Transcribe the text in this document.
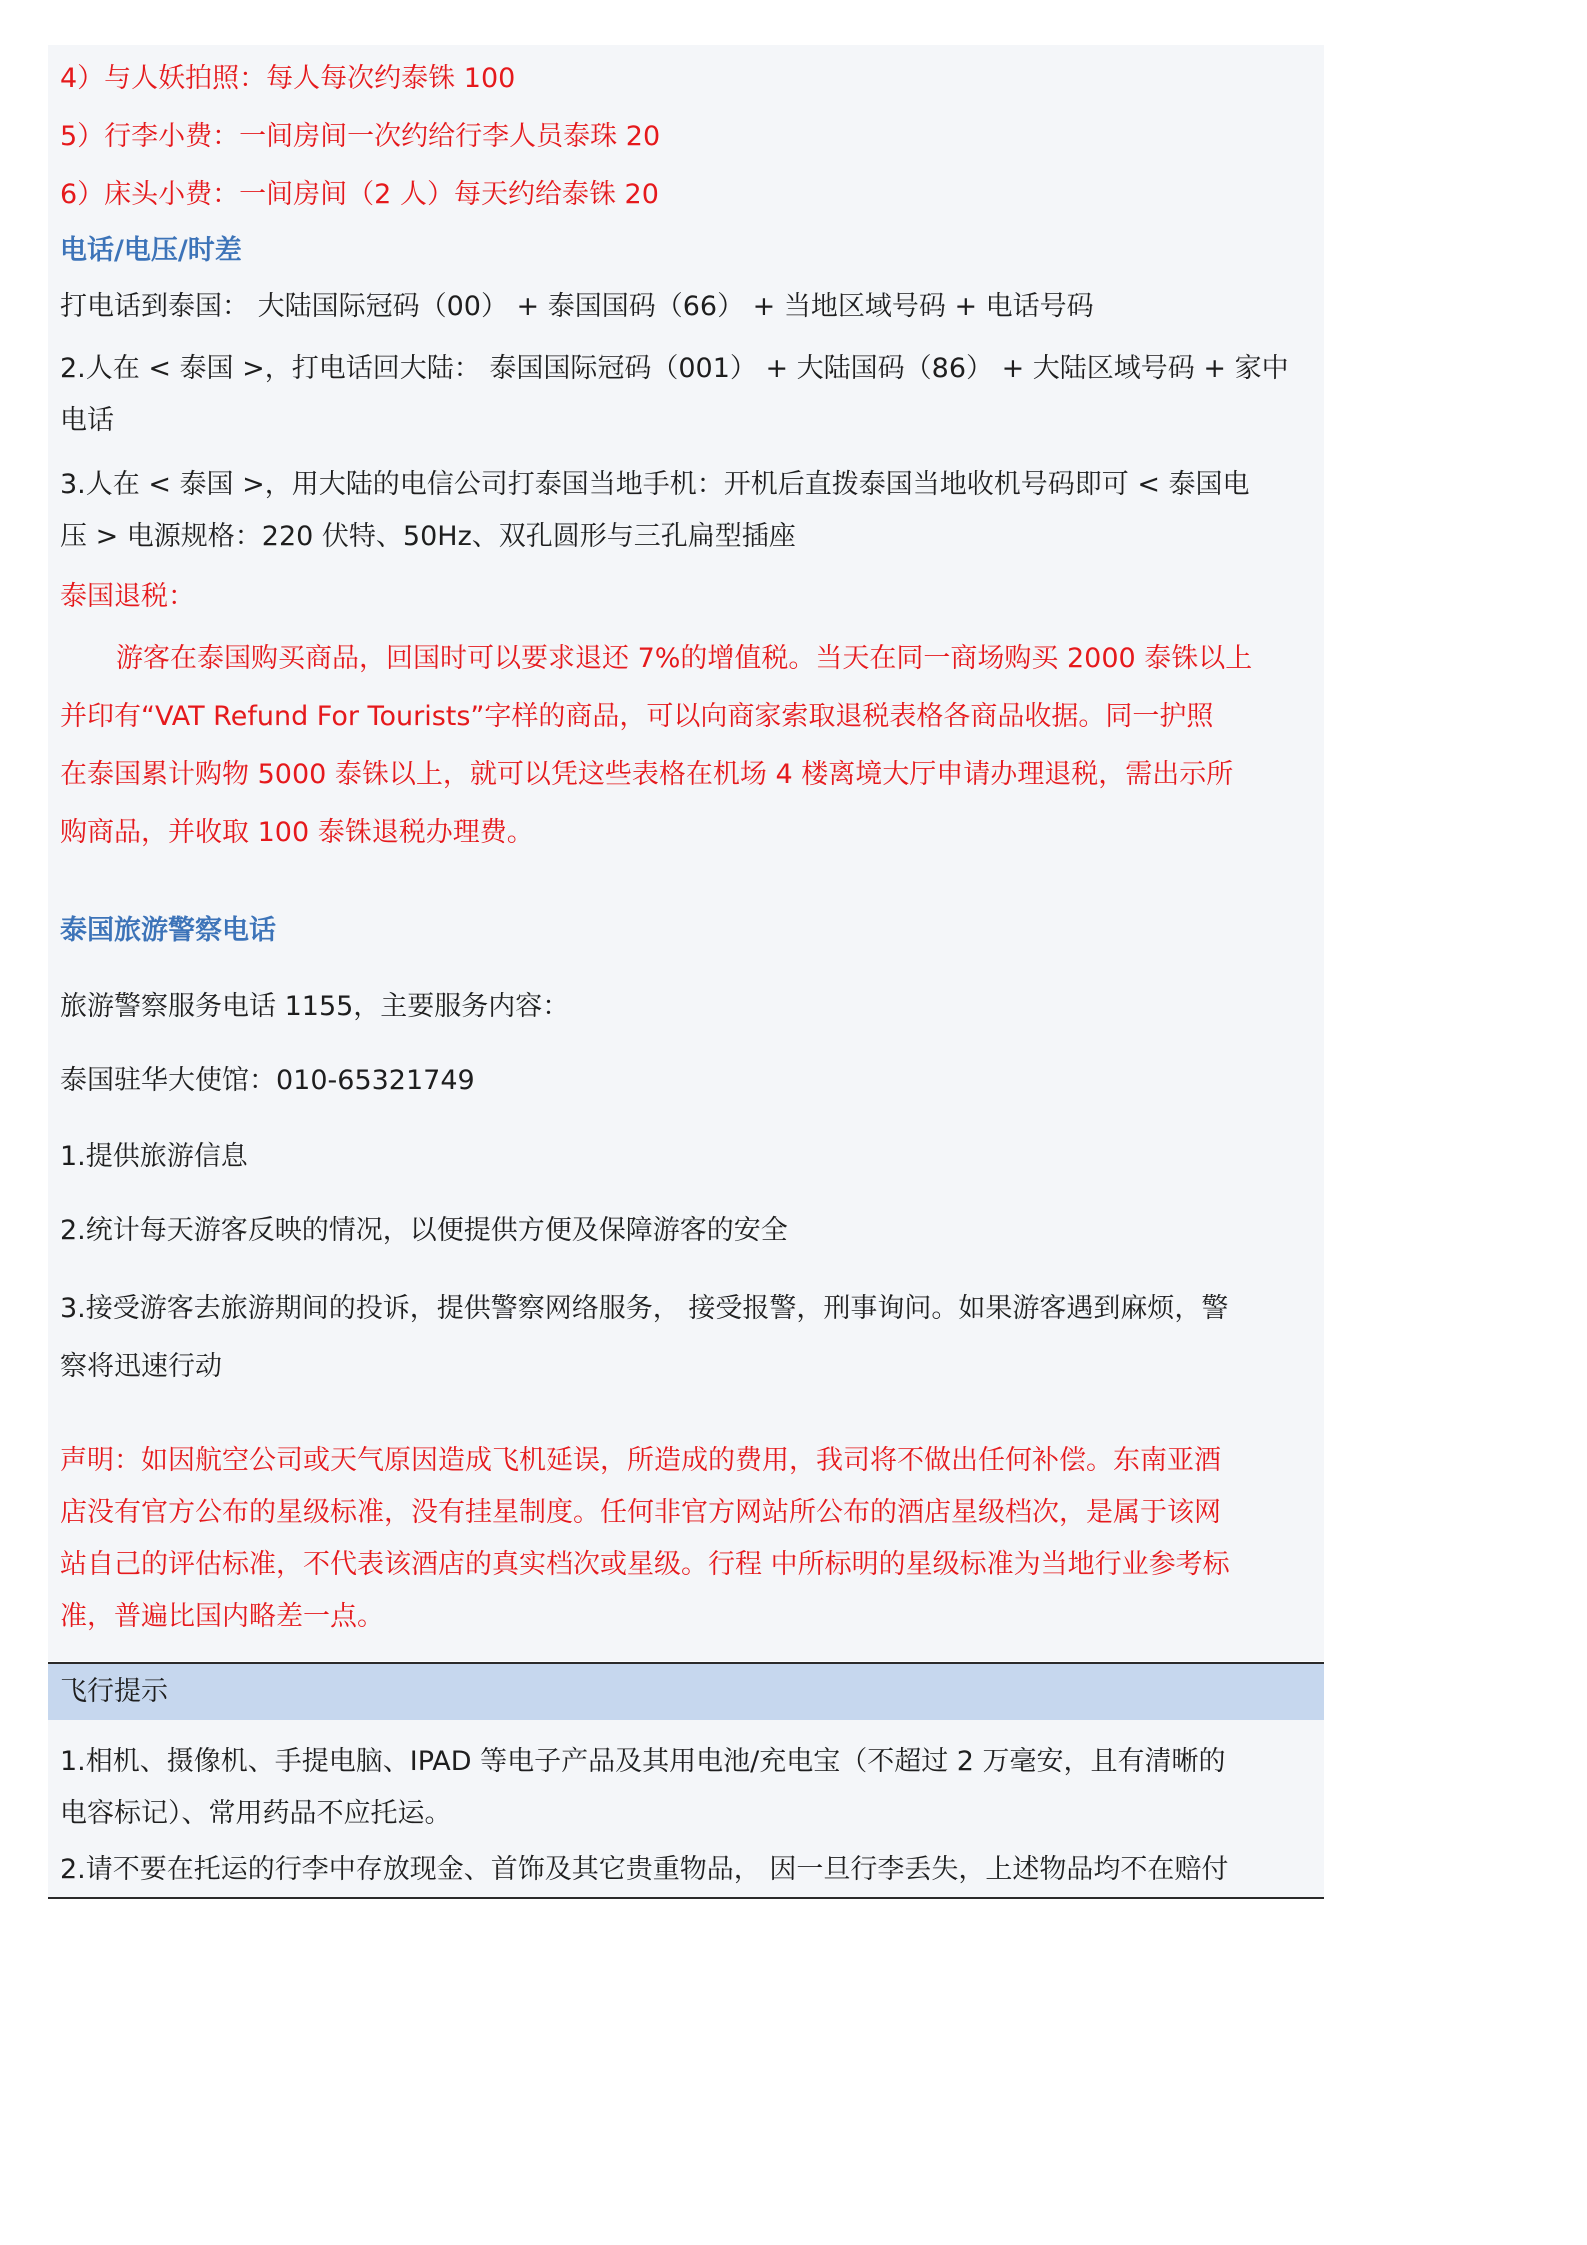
4）与人妖拍照：每人每次约泰铢 100

5）行李小费：一间房间一次约给行李人员泰珠 20

6）床头小费：一间房间（2 人）每天约给泰铢 20

电话/电压/时差

打电话到泰国： 大陆国际冠码（00） + 泰国国码（66） + 当地区域号码 + 电话号码

2.人在 < 泰国 >，打电话回大陆： 泰国国际冠码（001） + 大陆国码（86） + 大陆区域号码 + 家中

电话

3.人在 < 泰国 >，用大陆的电信公司打泰国当地手机：开机后直拨泰国当地收机号码即可 < 泰国电

压 > 电源规格：220 伏特、50Hz、双孔圆形与三孔扁型插座

泰国退税：

游客在泰国购买商品，回国时可以要求退还 7%的增值税。当天在同一商场购买 2000 泰铢以上

并印有“VAT Refund For Tourists”字样的商品，可以向商家索取退税表格各商品收据。同一护照

在泰国累计购物 5000 泰铢以上，就可以凭这些表格在机场 4 楼离境大厅申请办理退税，需出示所

购商品，并收取 100 泰铢退税办理费。

泰国旅游警察电话

旅游警察服务电话 1155，主要服务内容：

泰国驻华大使馆：010-65321749

1.提供旅游信息

2.统计每天游客反映的情况，以便提供方便及保障游客的安全

3.接受游客去旅游期间的投诉，提供警察网络服务， 接受报警，刑事询问。如果游客遇到麻烦，警

察将迅速行动

声明：如因航空公司或天气原因造成飞机延误，所造成的费用，我司将不做出任何补偿。东南亚酒

店没有官方公布的星级标准，没有挂星制度。任何非官方网站所公布的酒店星级档次，是属于该网

站自己的评估标准，不代表该酒店的真实档次或星级。行程 中所标明的星级标准为当地行业参考标

准，普遍比国内略差一点。

飞行提示

1.相机、摄像机、手提电脑、IPAD 等电子产品及其用电池/充电宝（不超过 2 万毫安，且有清晰的

电容标记）、常用药品不应托运。

2.请不要在托运的行李中存放现金、首饰及其它贵重物品， 因一旦行李丢失，上述物品均不在赔付
